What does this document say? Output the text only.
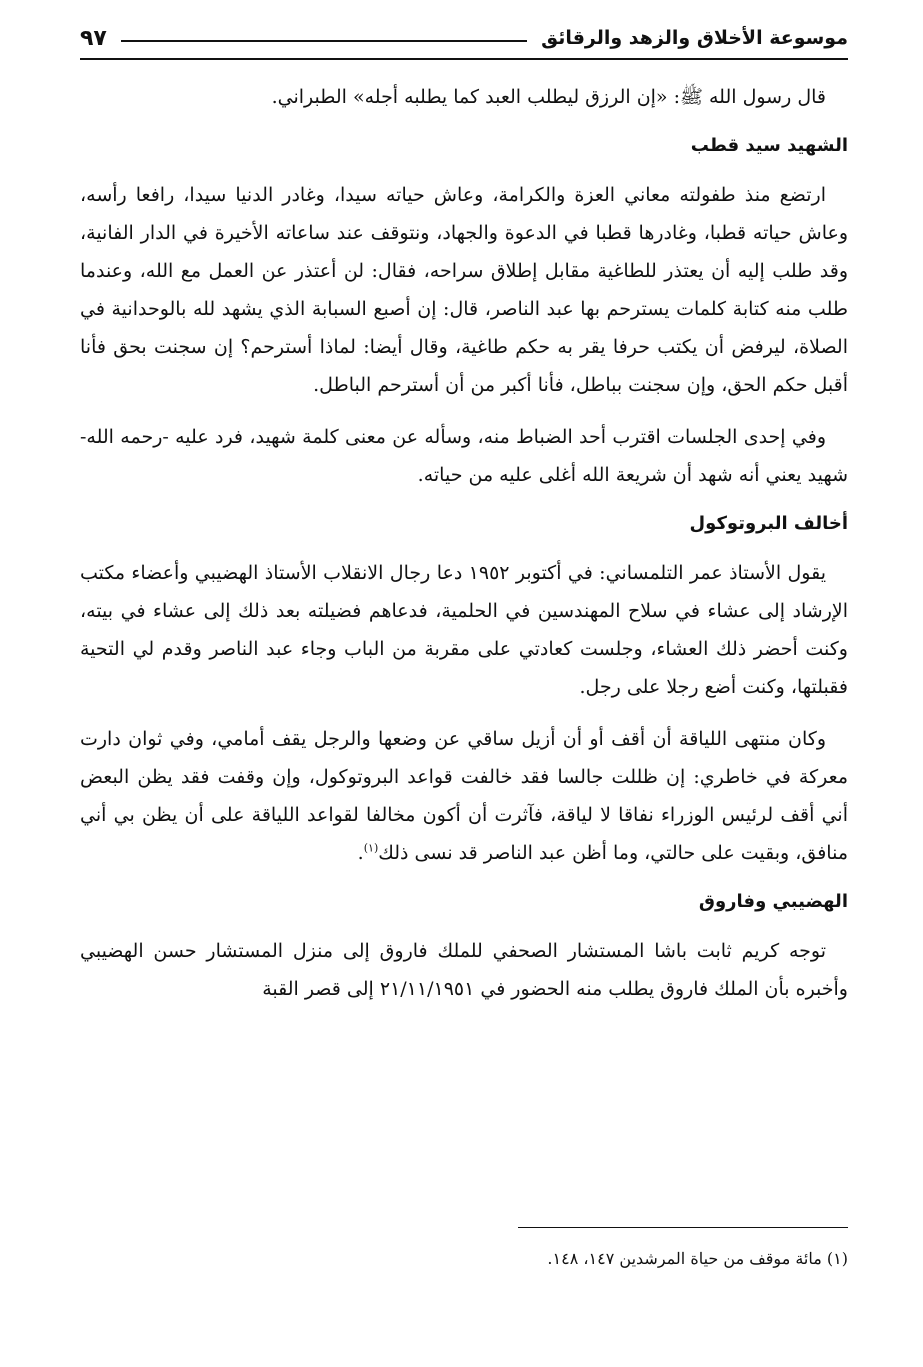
موسوعة الأخلاق والزهد والرقائق
٩٧

قال رسول الله ﷺ: «إن الرزق ليطلب العبد كما يطلبه أجله» الطبراني.

الشهيد سيد قطب

ارتضع منذ طفولته معاني العزة والكرامة، وعاش حياته سيدا، وغادر الدنيا سيدا، رافعا رأسه، وعاش حياته قطبا، وغادرها قطبا في الدعوة والجهاد، ونتوقف عند ساعاته الأخيرة في الدار الفانية، وقد طلب إليه أن يعتذر للطاغية مقابل إطلاق سراحه، فقال: لن أعتذر عن العمل مع الله، وعندما طلب منه كتابة كلمات يسترحم بها عبد الناصر، قال: إن أصبع السبابة الذي يشهد لله بالوحدانية في الصلاة، ليرفض أن يكتب حرفا يقر به حكم طاغية، وقال أيضا: لماذا أسترحم؟ إن سجنت بحق فأنا أقبل حكم الحق، وإن سجنت بباطل، فأنا أكبر من أن أسترحم الباطل.

وفي إحدى الجلسات اقترب أحد الضباط منه، وسأله عن معنى كلمة شهيد، فرد عليه -رحمه الله- شهيد يعني أنه شهد أن شريعة الله أغلى عليه من حياته.

أخالف البروتوكول

يقول الأستاذ عمر التلمساني: في أكتوبر ١٩٥٢ دعا رجال الانقلاب الأستاذ الهضيبي وأعضاء مكتب الإرشاد إلى عشاء في سلاح المهندسين في الحلمية، فدعاهم فضيلته بعد ذلك إلى عشاء في بيته، وكنت أحضر ذلك العشاء، وجلست كعادتي على مقربة من الباب وجاء عبد الناصر وقدم لي التحية فقبلتها، وكنت أضع رجلا على رجل.

وكان منتهى اللياقة أن أقف أو أن أزيل ساقي عن وضعها والرجل يقف أمامي، وفي ثوان دارت معركة في خاطري: إن ظللت جالسا فقد خالفت قواعد البروتوكول، وإن وقفت فقد يظن البعض أني أقف لرئيس الوزراء نفاقا لا لياقة، فآثرت أن أكون مخالفا لقواعد اللياقة على أن يظن بي أني منافق، وبقيت على حالتي، وما أظن عبد الناصر قد نسى ذلك$^{(١)}$.

الهضيبي وفاروق

توجه كريم ثابت باشا المستشار الصحفي للملك فاروق إلى منزل المستشار حسن الهضيبي وأخبره بأن الملك فاروق يطلب منه الحضور في ٢١/١١/١٩٥١ إلى قصر القبة

(١) مائة موقف من حياة المرشدين ١٤٧، ١٤٨.
